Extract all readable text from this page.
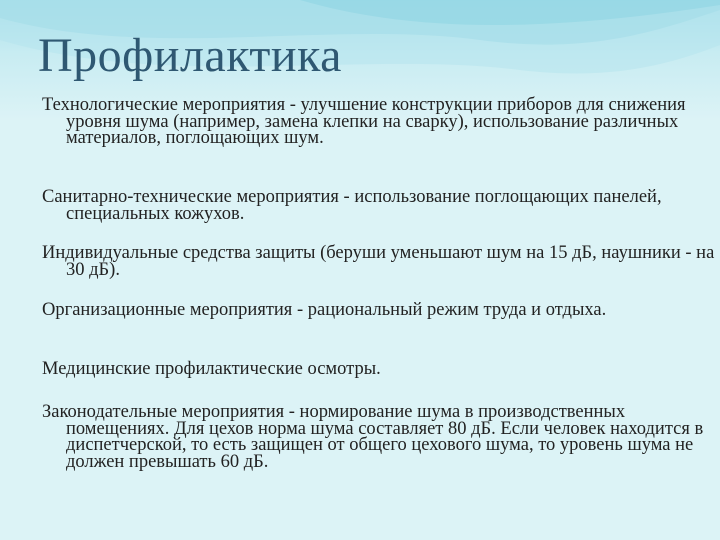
Профилактика
Технологические мероприятия - улучшение конструкции приборов для снижения уровня шума (например, замена клепки на сварку), использование различных материалов, поглощающих шум.
Санитарно-технические мероприятия - использование поглощающих панелей, специальных кожухов.
Индивидуальные средства защиты (беруши уменьшают шум на 15 дБ, наушники - на 30 дБ).
Организационные мероприятия - рациональный режим труда и отдыха.
Медицинские профилактические осмотры.
Законодательные мероприятия - нормирование шума в производственных помещениях. Для цехов норма шума составляет 80 дБ. Если человек находится в диспетчерской, то есть защищен от общего цехового шума, то уровень шума не должен превышать 60 дБ.
